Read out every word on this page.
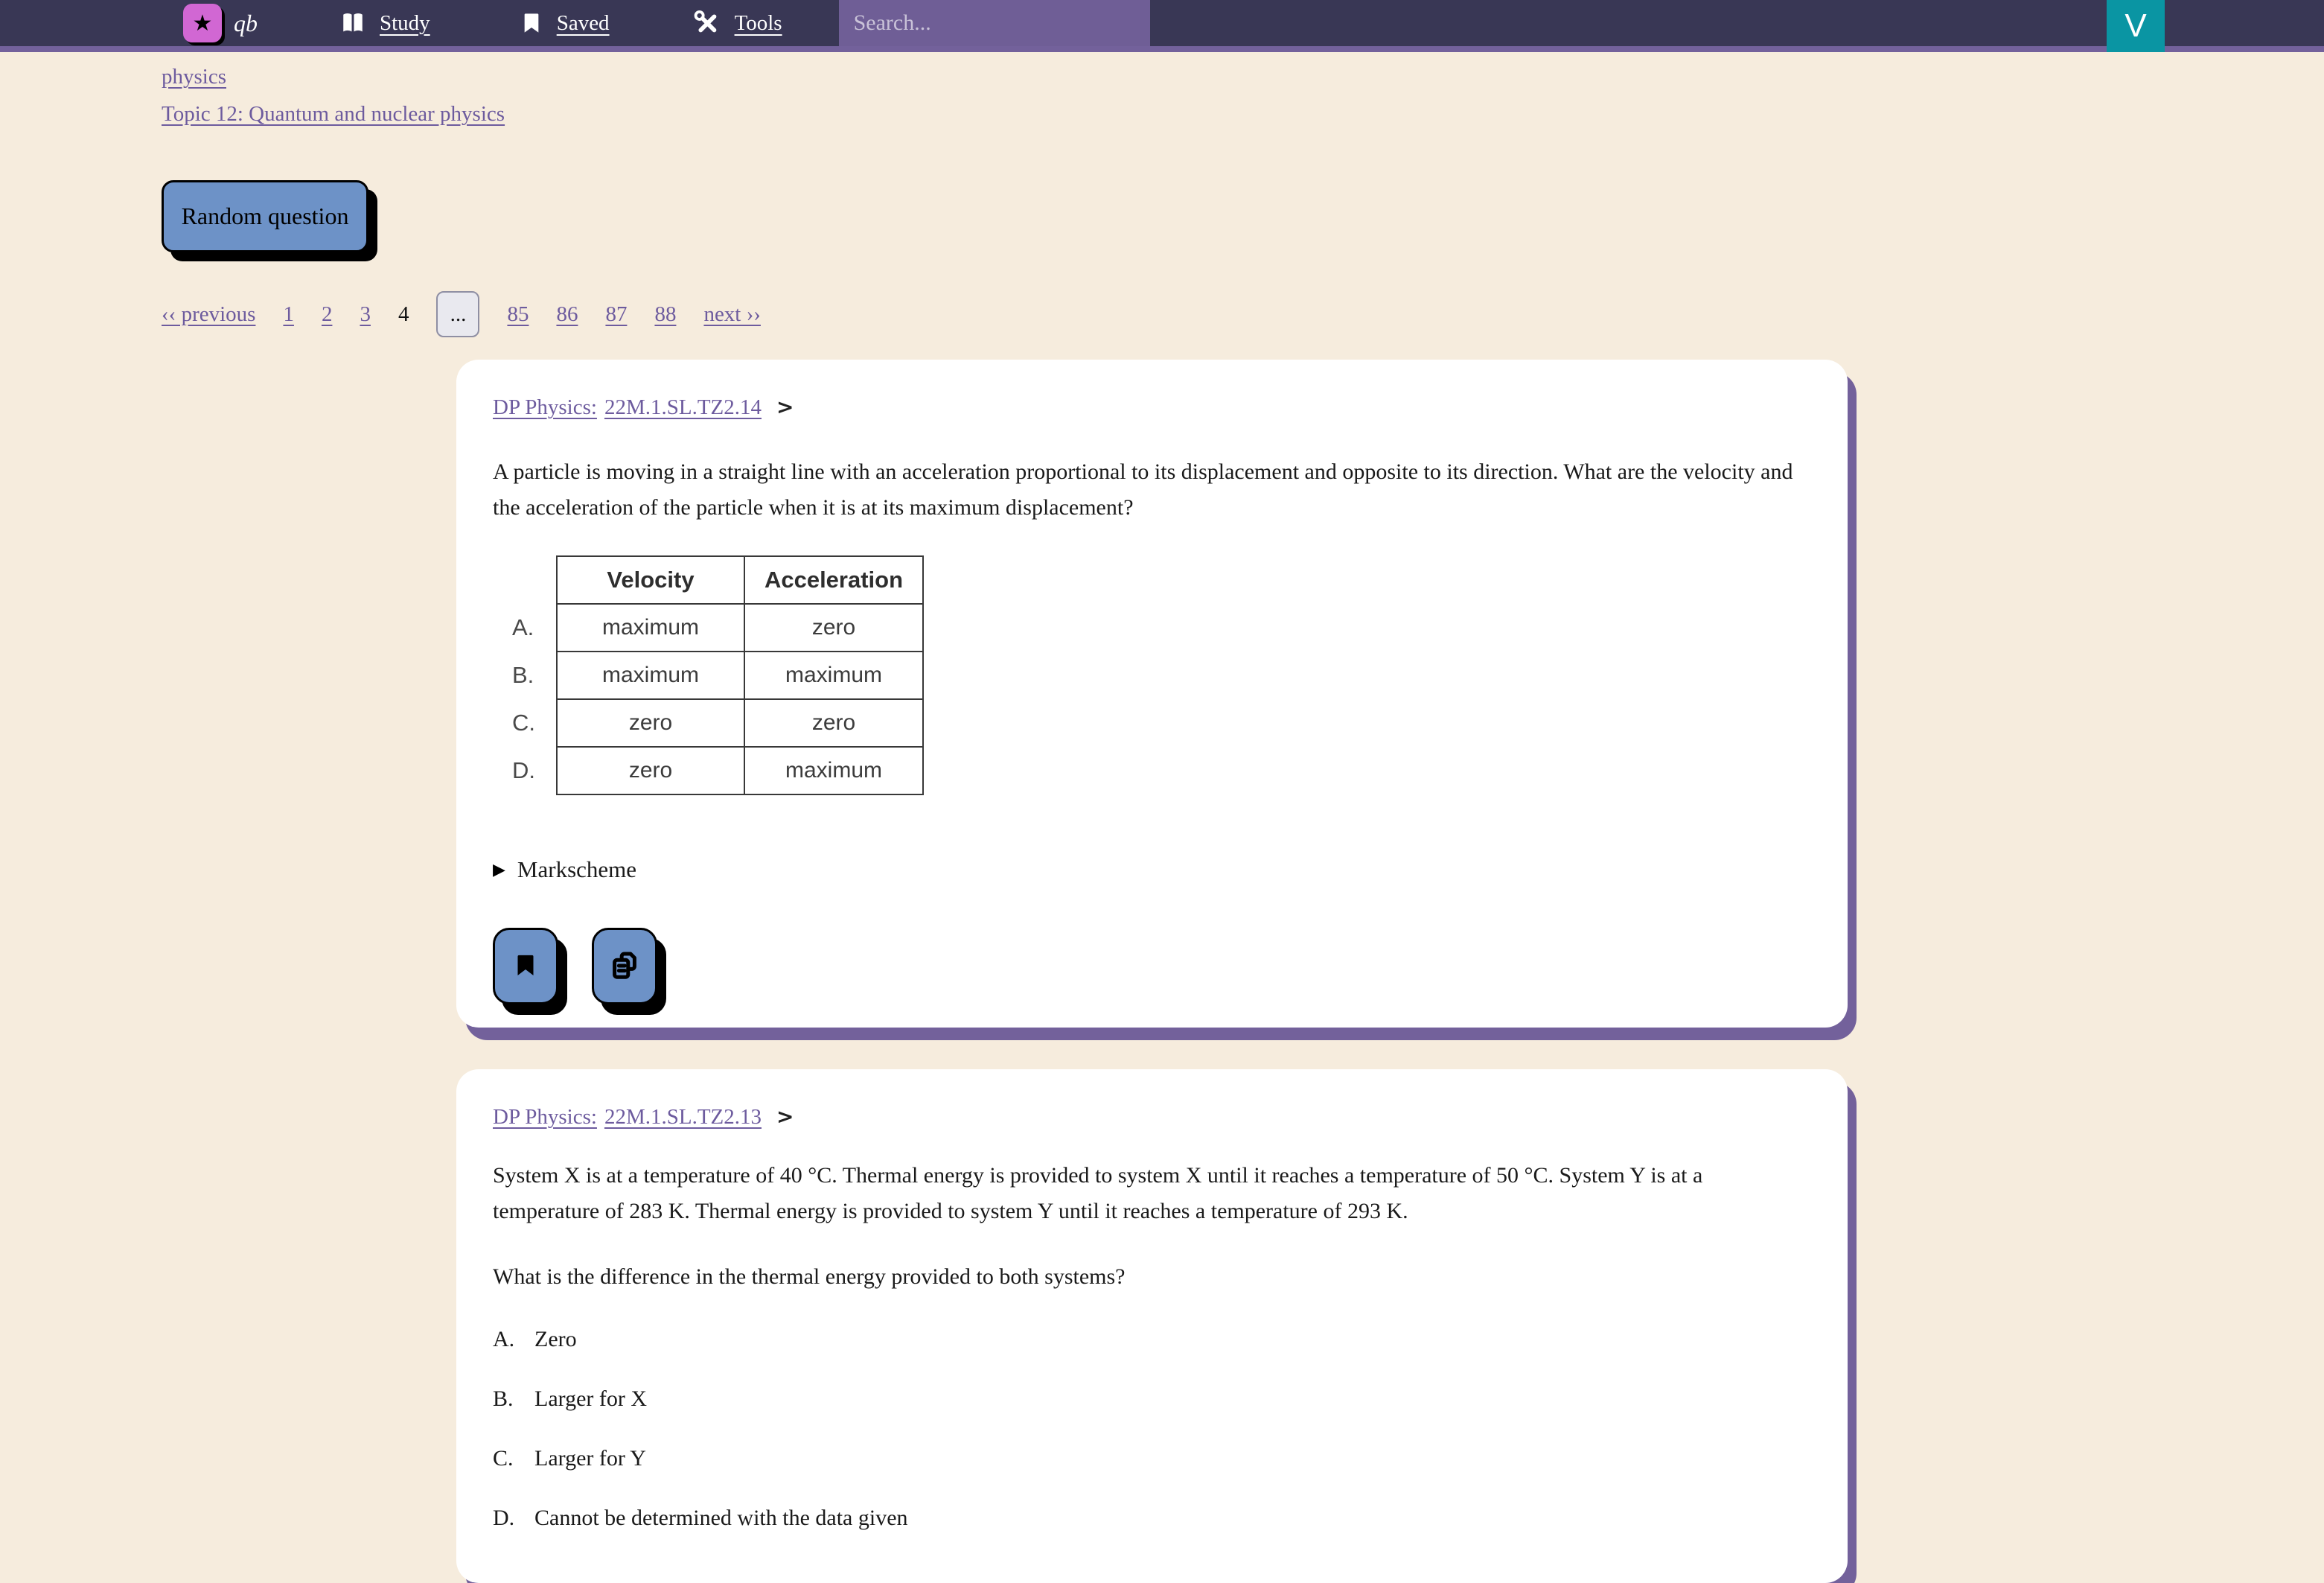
★ qb	Study	Saved	Tools
Search...	V
physics
Topic 12: Quantum and nuclear physics
Random question
‹‹ previous 1 2 3 4	...	85 86 87 88 next ››
DP Physics: 22M.1.SL.TZ2.14 >

A particle is moving in a straight line with an acceleration proportional to its displacement and opposite to its direction. What are the velocity and the acceleration of the particle when it is at its maximum displacement?

	Velocity	Acceleration
A.	maximum	zero
B.	maximum	maximum
C.	zero	zero
D.	zero	maximum
▶ Markscheme
DP Physics: 22M.1.SL.TZ2.13 >

System X is at a temperature of 40 °C. Thermal energy is provided to system X until it reaches a temperature of 50 °C. System Y is at a temperature of 283 K. Thermal energy is provided to system Y until it reaches a temperature of 293 K.

What is the difference in the thermal energy provided to both systems?

A. Zero

B. Larger for X

C. Larger for Y

D. Cannot be determined with the data given
